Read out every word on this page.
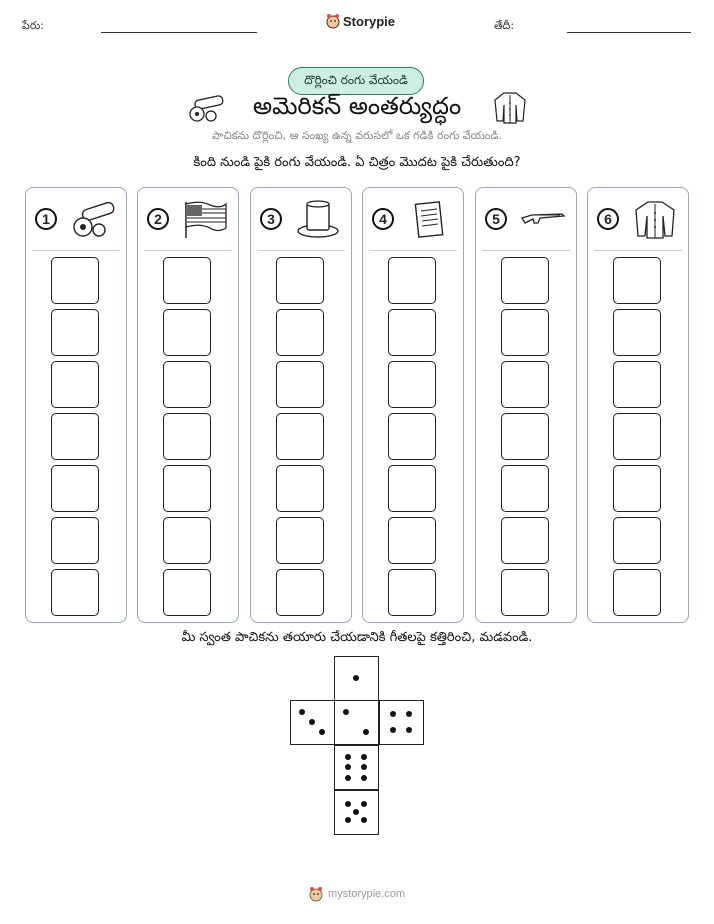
పేరు:	Storypie	తేదీ:
దొర్లించి రంగు వేయండి
అమెరికన్ అంతర్యుద్ధం
పాచికను దొర్లించి, ఆ సంఖ్య ఉన్న వరుసలో ఒక గడికి రంగు వేయండి.
కింది నుండి పైకి రంగు వేయండి. ఏ చిత్రం మొదట పైకి చేరుతుంది?
1	2	3	4	5	6
మీ స్వంత పాచికను తయారు చేయడానికి గీతలపై కత్తిరించి, మడవండి.
mystorypie.com
